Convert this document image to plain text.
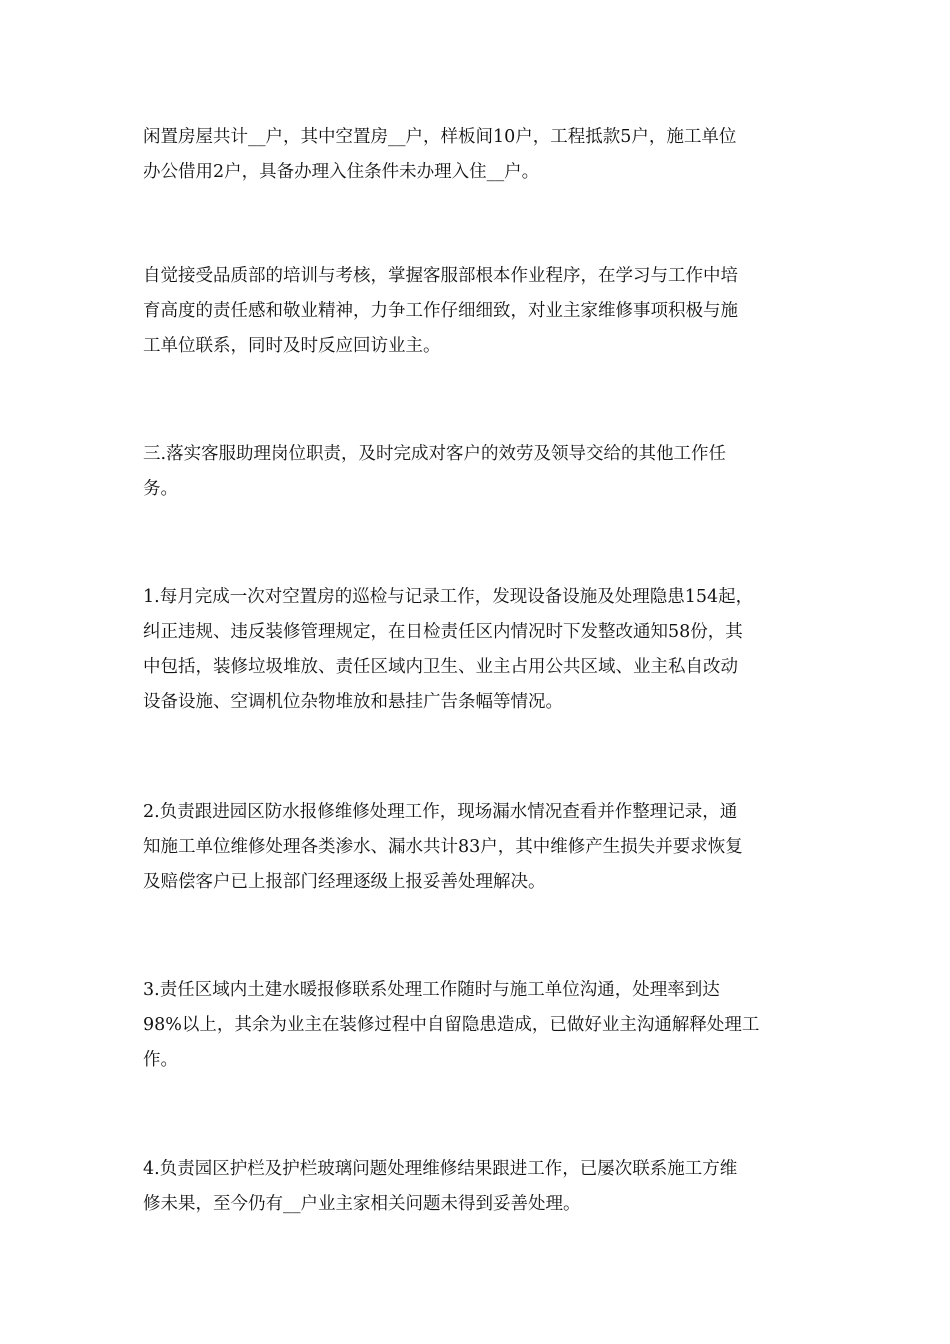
闲置房屋共计__户，其中空置房__户，样板间10户，工程抵款5户，施工单位
办公借用2户，具备办理入住条件未办理入住__户。

自觉接受品质部的培训与考核，掌握客服部根本作业程序，在学习与工作中培
育高度的责任感和敬业精神，力争工作仔细细致，对业主家维修事项积极与施
工单位联系，同时及时反应回访业主。

三.落实客服助理岗位职责，及时完成对客户的效劳及领导交给的其他工作任
务。

1.每月完成一次对空置房的巡检与记录工作，发现设备设施及处理隐患154起，
纠正违规、违反装修管理规定，在日检责任区内情况时下发整改通知58份，其
中包括，装修垃圾堆放、责任区域内卫生、业主占用公共区域、业主私自改动
设备设施、空调机位杂物堆放和悬挂广告条幅等情况。

2.负责跟进园区防水报修维修处理工作，现场漏水情况查看并作整理记录，通
知施工单位维修处理各类渗水、漏水共计83户，其中维修产生损失并要求恢复
及赔偿客户已上报部门经理逐级上报妥善处理解决。

3.责任区域内土建水暖报修联系处理工作随时与施工单位沟通，处理率到达
98%以上，其余为业主在装修过程中自留隐患造成，已做好业主沟通解释处理工
作。

4.负责园区护栏及护栏玻璃问题处理维修结果跟进工作，已屡次联系施工方维
修未果，至今仍有__户业主家相关问题未得到妥善处理。
